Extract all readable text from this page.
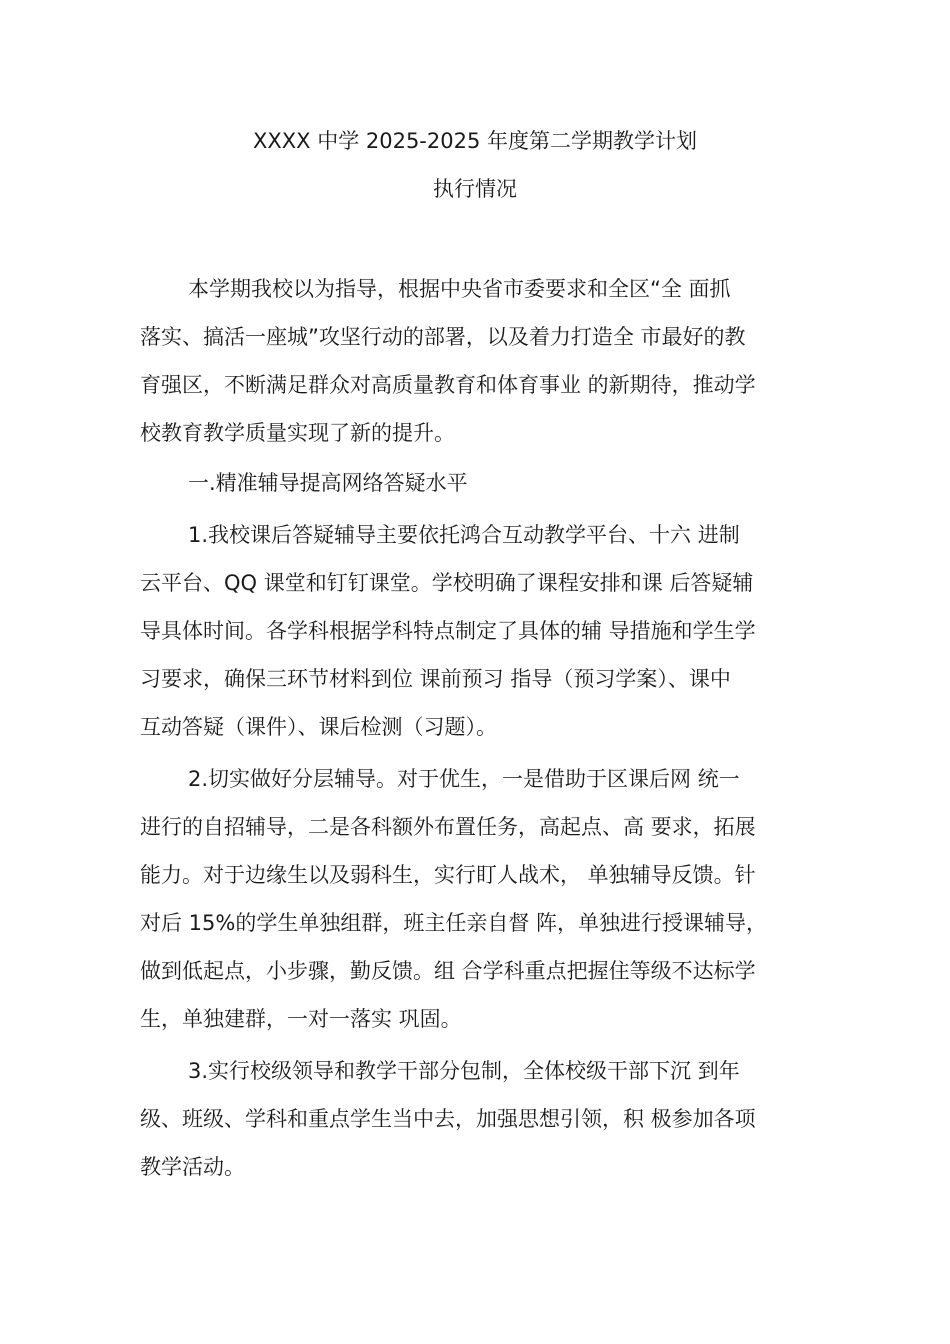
XXXX 中学 2025-2025 年度第二学期教学计划
执行情况
本学期我校以为指导，根据中央省市委要求和全区“全 面抓
落实、搞活一座城”攻坚行动的部署，以及着力打造全 市最好的教
育强区，不断满足群众对高质量教育和体育事业 的新期待，推动学
校教育教学质量实现了新的提升。
一.精准辅导提高网络答疑水平
1.我校课后答疑辅导主要依托鸿合互动教学平台、十六 进制
云平台、QQ 课堂和钉钉课堂。学校明确了课程安排和课 后答疑辅
导具体时间。各学科根据学科特点制定了具体的辅 导措施和学生学
习要求，确保三环节材料到位 课前预习 指导（预习学案）、课中
互动答疑（课件）、课后检测（习题）。
2.切实做好分层辅导。对于优生，一是借助于区课后网 统一
进行的自招辅导，二是各科额外布置任务，高起点、高 要求，拓展
能力。对于边缘生以及弱科生，实行盯人战术， 单独辅导反馈。针
对后 15%的学生单独组群，班主任亲自督 阵，单独进行授课辅导，
做到低起点，小步骤，勤反馈。组 合学科重点把握住等级不达标学
生，单独建群，一对一落实 巩固。
3.实行校级领导和教学干部分包制，全体校级干部下沉 到年
级、班级、学科和重点学生当中去，加强思想引领，积 极参加各项
教学活动。
